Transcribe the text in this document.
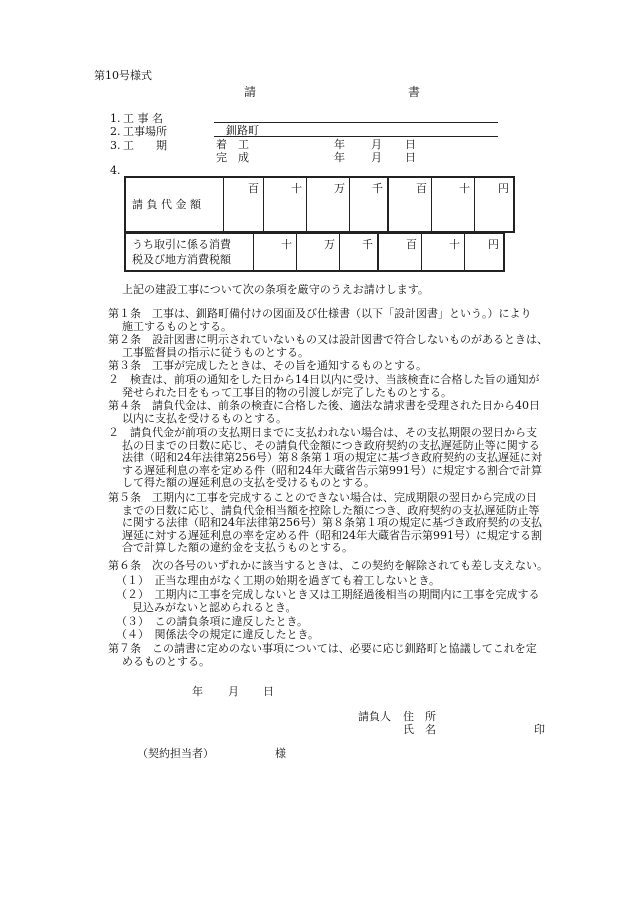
第10号様式
請	書
1. 工 事 名
2. 工事場所	釧路町
3. 工　　期	着　工	年 月 日
完　成	年 月 日
4.
請 負 代 金 額	百	十	万	千	百	十	円
うち取引に係る消費
税及び地方消費税額	十	万	千	百	十	円
上記の建設工事について次の条項を厳守のうえお請けします。
第１条　工事は、釧路町備付けの図面及び仕様書（以下「設計図書」という。）により
施工するものとする。
第２条　設計図書に明示されていないもの又は設計図書で符合しないものがあるときは、
工事監督員の指示に従うものとする。
第３条　工事が完成したときは、その旨を通知するものとする。
２　検査は、前項の通知をした日から14日以内に受け、当該検査に合格した旨の通知が
発せられた日をもって工事目的物の引渡しが完了したものとする。
第４条　請負代金は、前条の検査に合格した後、適法な請求書を受理された日から40日
以内に支払を受けるものとする。
２　請負代金が前項の支払期日までに支払われない場合は、その支払期限の翌日から支
払の日までの日数に応じ、その請負代金額につき政府契約の支払遅延防止等に関する
法律（昭和24年法律第256号）第８条第１項の規定に基づき政府契約の支払遅延に対
する遅延利息の率を定める件（昭和24年大蔵省告示第991号）に規定する割合で計算
して得た額の遅延利息の支払を受けるものとする。
第５条　工期内に工事を完成することのできない場合は、完成期限の翌日から完成の日
までの日数に応じ、請負代金相当額を控除した額につき、政府契約の支払遅延防止等
に関する法律（昭和24年法律第256号）第８条第１項の規定に基づき政府契約の支払
遅延に対する遅延利息の率を定める件（昭和24年大蔵省告示第991号）に規定する割
合で計算した額の違約金を支払うものとする。
第６条　次の各号のいずれかに該当するときは、この契約を解除されても差し支えない。
（１）　正当な理由がなく工期の始期を過ぎても着工しないとき。
（２）　工期内に工事を完成しないとき又は工期経過後相当の期間内に工事を完成する
見込みがないと認められるとき。
（３）　この請負条項に違反したとき。
（４）　関係法令の規定に違反したとき。
第７条　この請書に定めのない事項については、必要に応じ釧路町と協議してこれを定
めるものとする。
年 月 日
請負人 住　所
氏　名	印
（契約担当者）	様
